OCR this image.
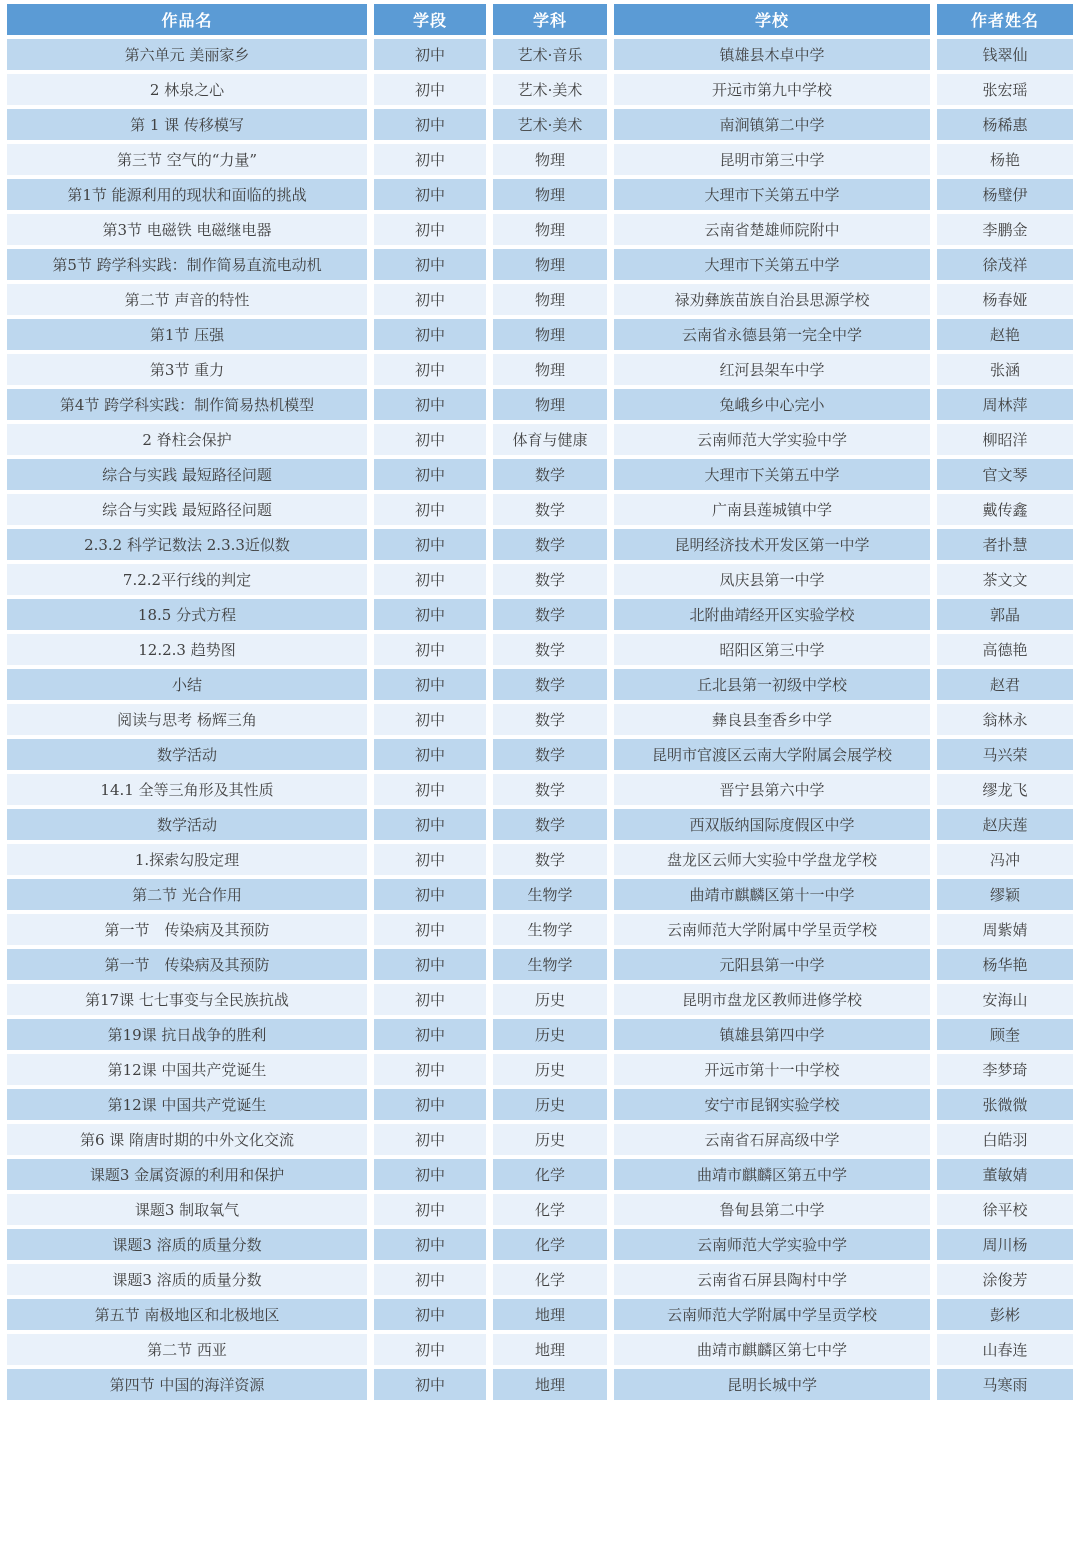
作品名	学段	学科	学校	作者姓名
第六单元 美丽家乡	初中	艺术·音乐	镇雄县木卓中学	钱翠仙
2 林泉之心	初中	艺术·美术	开远市第九中学校	张宏瑶
第 1 课 传移模写	初中	艺术·美术	南涧镇第二中学	杨稀惠
第三节 空气的“力量”	初中	物理	昆明市第三中学	杨艳
第1节 能源利用的现状和面临的挑战	初中	物理	大理市下关第五中学	杨璧伊
第3节 电磁铁 电磁继电器	初中	物理	云南省楚雄师院附中	李鹏金
第5节 跨学科实践：制作简易直流电动机	初中	物理	大理市下关第五中学	徐茂祥
第二节 声音的特性	初中	物理	禄劝彝族苗族自治县思源学校	杨春娅
第1节 压强	初中	物理	云南省永德县第一完全中学	赵艳
第3节 重力	初中	物理	红河县架车中学	张涵
第4节 跨学科实践：制作简易热机模型	初中	物理	兔峨乡中心完小	周林萍
2 脊柱会保护	初中	体育与健康	云南师范大学实验中学	柳昭洋
综合与实践 最短路径问题	初中	数学	大理市下关第五中学	官文琴
综合与实践 最短路径问题	初中	数学	广南县莲城镇中学	戴传鑫
2.3.2 科学记数法 2.3.3近似数	初中	数学	昆明经济技术开发区第一中学	者扑慧
7.2.2平行线的判定	初中	数学	凤庆县第一中学	茶文文
18.5 分式方程	初中	数学	北附曲靖经开区实验学校	郭晶
12.2.3 趋势图	初中	数学	昭阳区第三中学	高德艳
小结	初中	数学	丘北县第一初级中学校	赵君
阅读与思考 杨辉三角	初中	数学	彝良县奎香乡中学	翁林永
数学活动	初中	数学	昆明市官渡区云南大学附属会展学校	马兴荣
14.1 全等三角形及其性质	初中	数学	晋宁县第六中学	缪龙飞
数学活动	初中	数学	西双版纳国际度假区中学	赵庆莲
1.探索勾股定理	初中	数学	盘龙区云师大实验中学盘龙学校	冯冲
第二节 光合作用	初中	生物学	曲靖市麒麟区第十一中学	缪颖
第一节　传染病及其预防	初中	生物学	云南师范大学附属中学呈贡学校	周紫婧
第一节　传染病及其预防	初中	生物学	元阳县第一中学	杨华艳
第17课 七七事变与全民族抗战	初中	历史	昆明市盘龙区教师进修学校	安海山
第19课 抗日战争的胜利	初中	历史	镇雄县第四中学	顾奎
第12课 中国共产党诞生	初中	历史	开远市第十一中学校	李梦琦
第12课 中国共产党诞生	初中	历史	安宁市昆钢实验学校	张微微
第6 课 隋唐时期的中外文化交流	初中	历史	云南省石屏高级中学	白皓羽
课题3 金属资源的利用和保护	初中	化学	曲靖市麒麟区第五中学	董敏婧
课题3 制取氧气	初中	化学	鲁甸县第二中学	徐平校
课题3 溶质的质量分数	初中	化学	云南师范大学实验中学	周川杨
课题3 溶质的质量分数	初中	化学	云南省石屏县陶村中学	涂俊芳
第五节 南极地区和北极地区	初中	地理	云南师范大学附属中学呈贡学校	彭彬
第二节 西亚	初中	地理	曲靖市麒麟区第七中学	山春连
第四节 中国的海洋资源	初中	地理	昆明长城中学	马寒雨
